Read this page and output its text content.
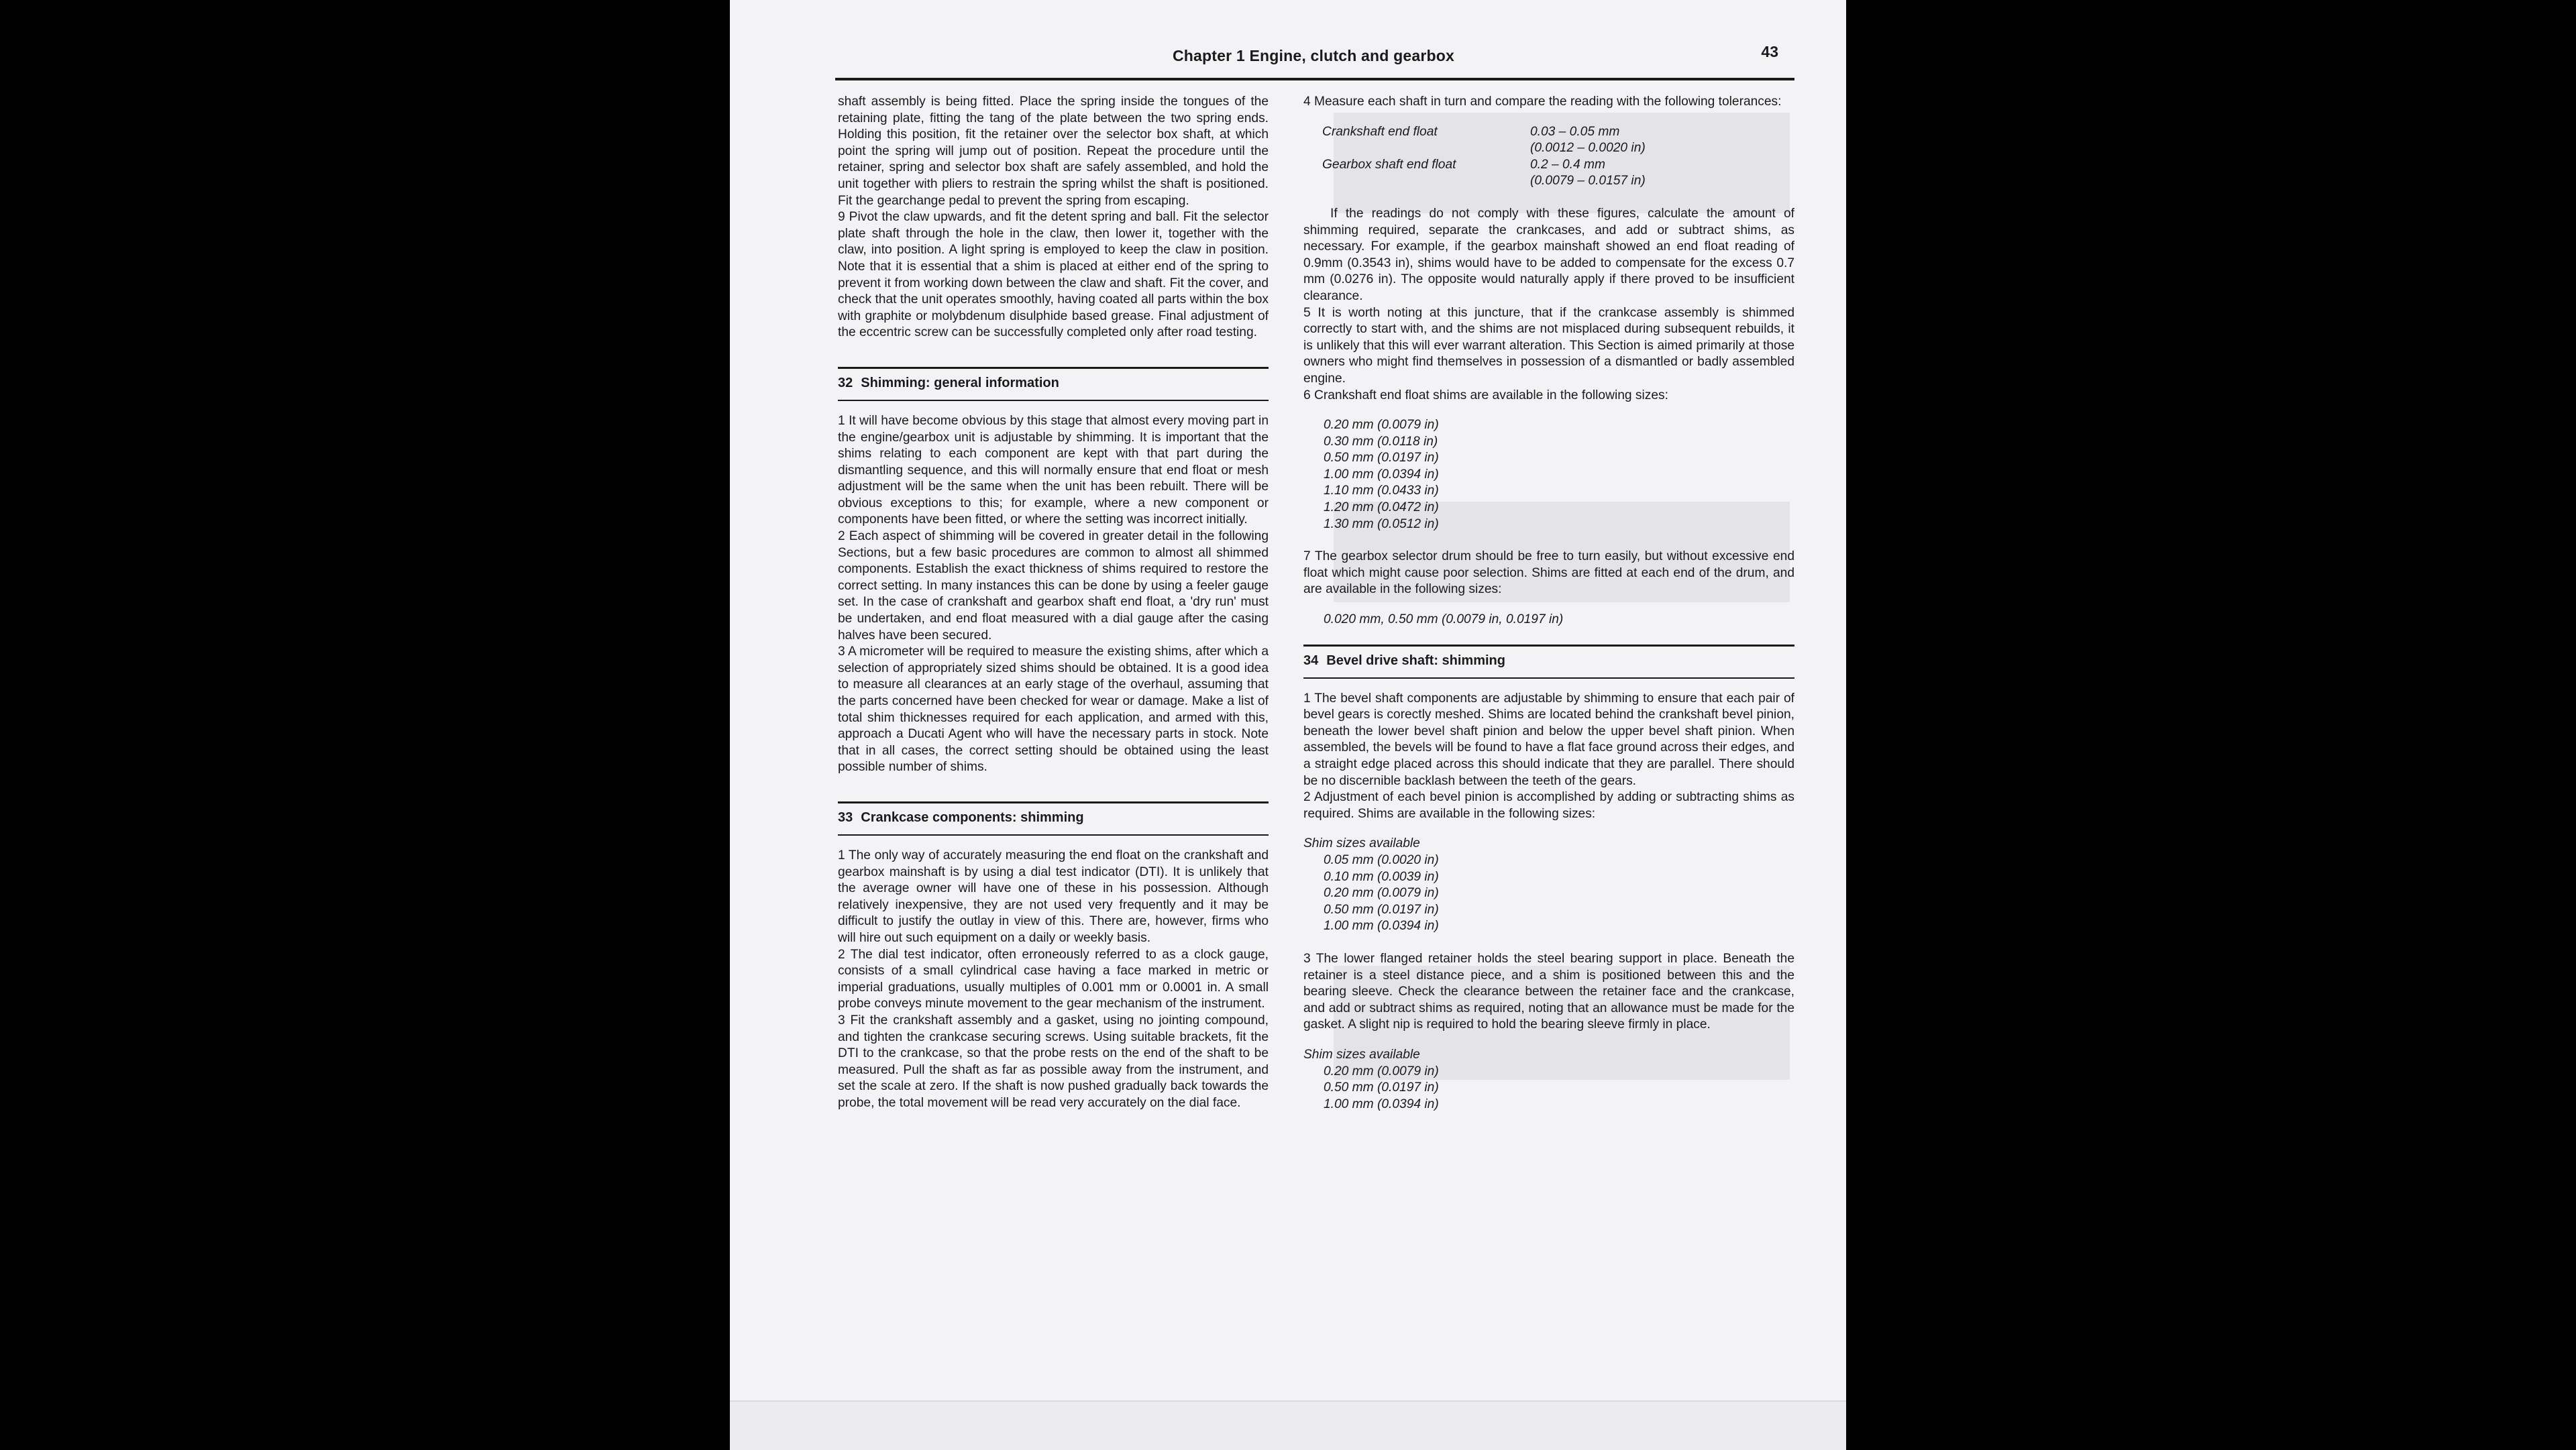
Chapter 1 Engine, clutch and gearbox	43

shaft assembly is being fitted. Place the spring inside the tongues of the retaining plate, fitting the tang of the plate between the two spring ends. Holding this position, fit the retainer over the selector box shaft, at which point the spring will jump out of position. Repeat the procedure until the retainer, spring and selector box shaft are safely assembled, and hold the unit together with pliers to restrain the spring whilst the shaft is positioned. Fit the gearchange pedal to prevent the spring from escaping.

9 Pivot the claw upwards, and fit the detent spring and ball. Fit the selector plate shaft through the hole in the claw, then lower it, together with the claw, into position. A light spring is employed to keep the claw in position. Note that it is essential that a shim is placed at either end of the spring to prevent it from working down between the claw and shaft. Fit the cover, and check that the unit operates smoothly, having coated all parts within the box with graphite or molybdenum disulphide based grease. Final adjustment of the eccentric screw can be successfully completed only after road testing.

32 Shimming: general information

1 It will have become obvious by this stage that almost every moving part in the engine/gearbox unit is adjustable by shimming. It is important that the shims relating to each component are kept with that part during the dismantling sequence, and this will normally ensure that end float or mesh adjustment will be the same when the unit has been rebuilt. There will be obvious exceptions to this; for example, where a new component or components have been fitted, or where the setting was incorrect initially.

2 Each aspect of shimming will be covered in greater detail in the following Sections, but a few basic procedures are common to almost all shimmed components. Establish the exact thickness of shims required to restore the correct setting. In many instances this can be done by using a feeler gauge set. In the case of crankshaft and gearbox shaft end float, a 'dry run' must be undertaken, and end float measured with a dial gauge after the casing halves have been secured.

3 A micrometer will be required to measure the existing shims, after which a selection of appropriately sized shims should be obtained. It is a good idea to measure all clearances at an early stage of the overhaul, assuming that the parts concerned have been checked for wear or damage. Make a list of total shim thicknesses required for each application, and armed with this, approach a Ducati Agent who will have the necessary parts in stock. Note that in all cases, the correct setting should be obtained using the least possible number of shims.

33 Crankcase components: shimming

1 The only way of accurately measuring the end float on the crankshaft and gearbox mainshaft is by using a dial test indicator (DTI). It is unlikely that the average owner will have one of these in his possession. Although relatively inexpensive, they are not used very frequently and it may be difficult to justify the outlay in view of this. There are, however, firms who will hire out such equipment on a daily or weekly basis.

2 The dial test indicator, often erroneously referred to as a clock gauge, consists of a small cylindrical case having a face marked in metric or imperial graduations, usually multiples of 0.001 mm or 0.0001 in. A small probe conveys minute movement to the gear mechanism of the instrument.

3 Fit the crankshaft assembly and a gasket, using no jointing compound, and tighten the crankcase securing screws. Using suitable brackets, fit the DTI to the crankcase, so that the probe rests on the end of the shaft to be measured. Pull the shaft as far as possible away from the instrument, and set the scale at zero. If the shaft is now pushed gradually back towards the probe, the total movement will be read very accurately on the dial face.

4 Measure each shaft in turn and compare the reading with the following tolerances:

Crankshaft end float	0.03 – 0.05 mm
(0.0012 – 0.0020 in)
Gearbox shaft end float	0.2 – 0.4 mm
(0.0079 – 0.0157 in)

If the readings do not comply with these figures, calculate the amount of shimming required, separate the crankcases, and add or subtract shims, as necessary. For example, if the gearbox mainshaft showed an end float reading of 0.9mm (0.3543 in), shims would have to be added to compensate for the excess 0.7 mm (0.0276 in). The opposite would naturally apply if there proved to be insufficient clearance.

5 It is worth noting at this juncture, that if the crankcase assembly is shimmed correctly to start with, and the shims are not misplaced during subsequent rebuilds, it is unlikely that this will ever warrant alteration. This Section is aimed primarily at those owners who might find themselves in possession of a dismantled or badly assembled engine.

6 Crankshaft end float shims are available in the following sizes:

0.20 mm (0.0079 in)
0.30 mm (0.0118 in)
0.50 mm (0.0197 in)
1.00 mm (0.0394 in)
1.10 mm (0.0433 in)
1.20 mm (0.0472 in)
1.30 mm (0.0512 in)

7 The gearbox selector drum should be free to turn easily, but without excessive end float which might cause poor selection. Shims are fitted at each end of the drum, and are available in the following sizes:

0.020 mm, 0.50 mm (0.0079 in, 0.0197 in)
34 Bevel drive shaft: shimming

1 The bevel shaft components are adjustable by shimming to ensure that each pair of bevel gears is corectly meshed. Shims are located behind the crankshaft bevel pinion, beneath the lower bevel shaft pinion and below the upper bevel shaft pinion. When assembled, the bevels will be found to have a flat face ground across their edges, and a straight edge placed across this should indicate that they are parallel. There should be no discernible backlash between the teeth of the gears.

2 Adjustment of each bevel pinion is accomplished by adding or subtracting shims as required. Shims are available in the following sizes:

Shim sizes available
0.05 mm (0.0020 in)
0.10 mm (0.0039 in)
0.20 mm (0.0079 in)
0.50 mm (0.0197 in)
1.00 mm (0.0394 in)

3 The lower flanged retainer holds the steel bearing support in place. Beneath the retainer is a steel distance piece, and a shim is positioned between this and the bearing sleeve. Check the clearance between the retainer face and the crankcase, and add or subtract shims as required, noting that an allowance must be made for the gasket. A slight nip is required to hold the bearing sleeve firmly in place.

Shim sizes available
0.20 mm (0.0079 in)
0.50 mm (0.0197 in)
1.00 mm (0.0394 in)
